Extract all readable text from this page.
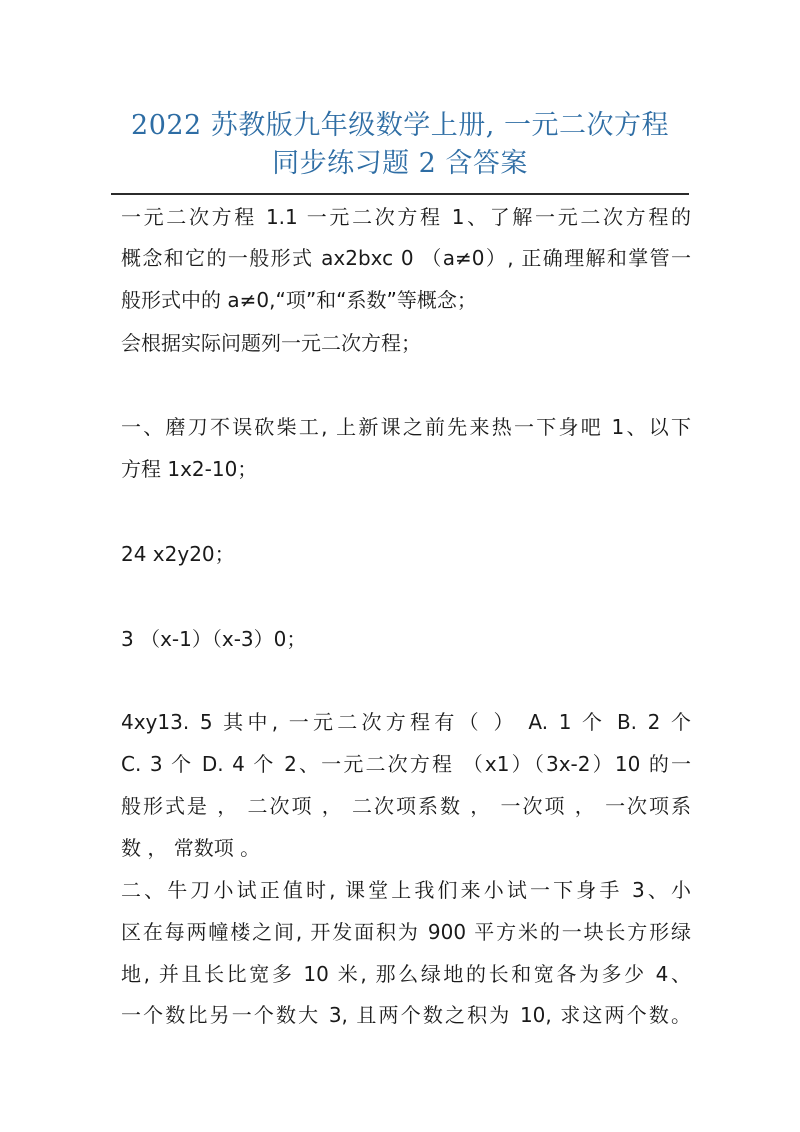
2022 苏教版九年级数学上册, 一元二次方程
同步练习题 2 含答案
一元二次方程 1.1 一元二次方程 1、了解一元二次方程的
概念和它的一般形式 ax2bxc 0 （a≠0）, 正确理解和掌管一
般形式中的 a≠0,“项”和“系数”等概念；
会根据实际问题列一元二次方程；
一、磨刀不误砍柴工, 上新课之前先来热一下身吧 1、以下
方程 1x2-10；
24 x2y20；
3 （x-1）（x-3）0；
4xy13. 5 其中, 一元二次方程有（ ） A. 1 个 B. 2 个
C. 3 个 D. 4 个 2、一元二次方程 （x1）（3x-2）10 的一
般形式是 ， 二次项 ， 二次项系数 ， 一次项 ， 一次项系
数 ， 常数项 。
二、牛刀小试正值时, 课堂上我们来小试一下身手 3、小
区在每两幢楼之间, 开发面积为 900 平方米的一块长方形绿
地, 并且长比宽多 10 米, 那么绿地的长和宽各为多少 4、
一个数比另一个数大 3, 且两个数之积为 10, 求这两个数。
